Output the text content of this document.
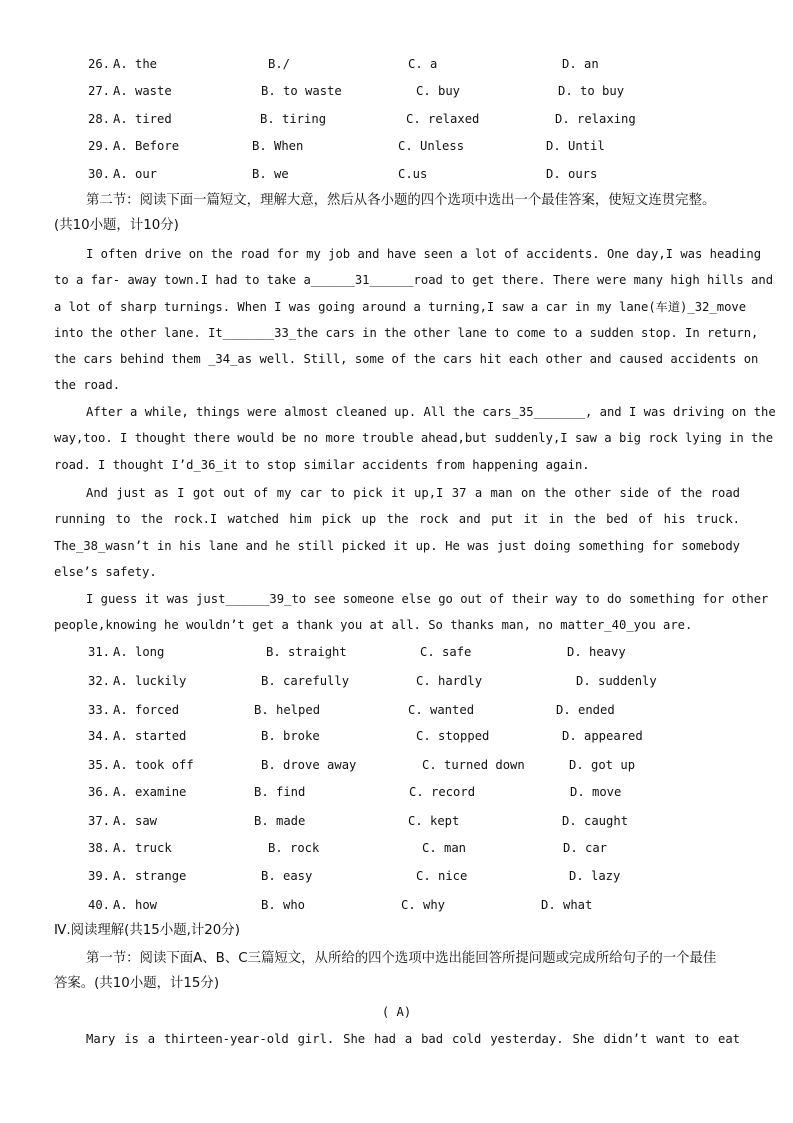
26. A. the	B./	C. a	D. an
27. A. waste	B. to waste	C. buy	D. to buy
28. A. tired	B. tiring	C. relaxed	D. relaxing
29. A. Before	B. When	C. Unless	D. Until
30. A. our	B. we	C.us	D. ours
第二节：阅读下面一篇短文，理解大意，然后从各小题的四个选项中选出一个最佳答案，使短文连贯完整。
(共10小题，计10分)
I often drive on the road for my job and have seen a lot of accidents. One day,I was heading
to a far- away town.I had to take a______31______road to get there. There were many high hills and
a lot of sharp turnings. When I was going around a turning,I saw a car in my lane(车道)_32_move
into the other lane. It_______33_the cars in the other lane to come to a sudden stop. In return,
the cars behind them _34_as well. Still, some of the cars hit each other and caused accidents on
the road.
After a while, things were almost cleaned up. All the cars_35_______, and I was driving on the
way,too. I thought there would be no more trouble ahead,but suddenly,I saw a big rock lying in the
road. I thought I’d_36_it to stop similar accidents from happening again.
And just as I got out of my car to pick it up,I 37 a man on the other side of the road
running to the rock.I watched him pick up the rock and put it in the bed of his truck.
The_38_wasn’t in his lane and he still picked it up. He was just doing something for somebody
else’s safety.
I guess it was just______39_to see someone else go out of their way to do something for other
people,knowing he wouldn’t get a thank you at all. So thanks man, no matter_40_you are.
31. A. long	B. straight	C. safe	D. heavy
32. A. luckily	B. carefully	C. hardly	D. suddenly
33. A. forced	B. helped	C. wanted	D. ended
34. A. started	B. broke	C. stopped	D. appeared
35. A. took off	B. drove away	C. turned down	D. got up
36. A. examine	B. find	C. record	D. move
37. A. saw	B. made	C. kept	D. caught
38. A. truck	B. rock	C. man	D. car
39. A. strange	B. easy	C. nice	D. lazy
40. A. how	B. who	C. why	D. what
Ⅳ.阅读理解(共15小题,计20分)
第一节：阅读下面A、B、C三篇短文，从所给的四个选项中选出能回答所提问题或完成所给句子的一个最佳
答案。(共10小题，计15分)
( A)
Mary is a thirteen-year-old girl. She had a bad cold yesterday. She didn’t want to eat
